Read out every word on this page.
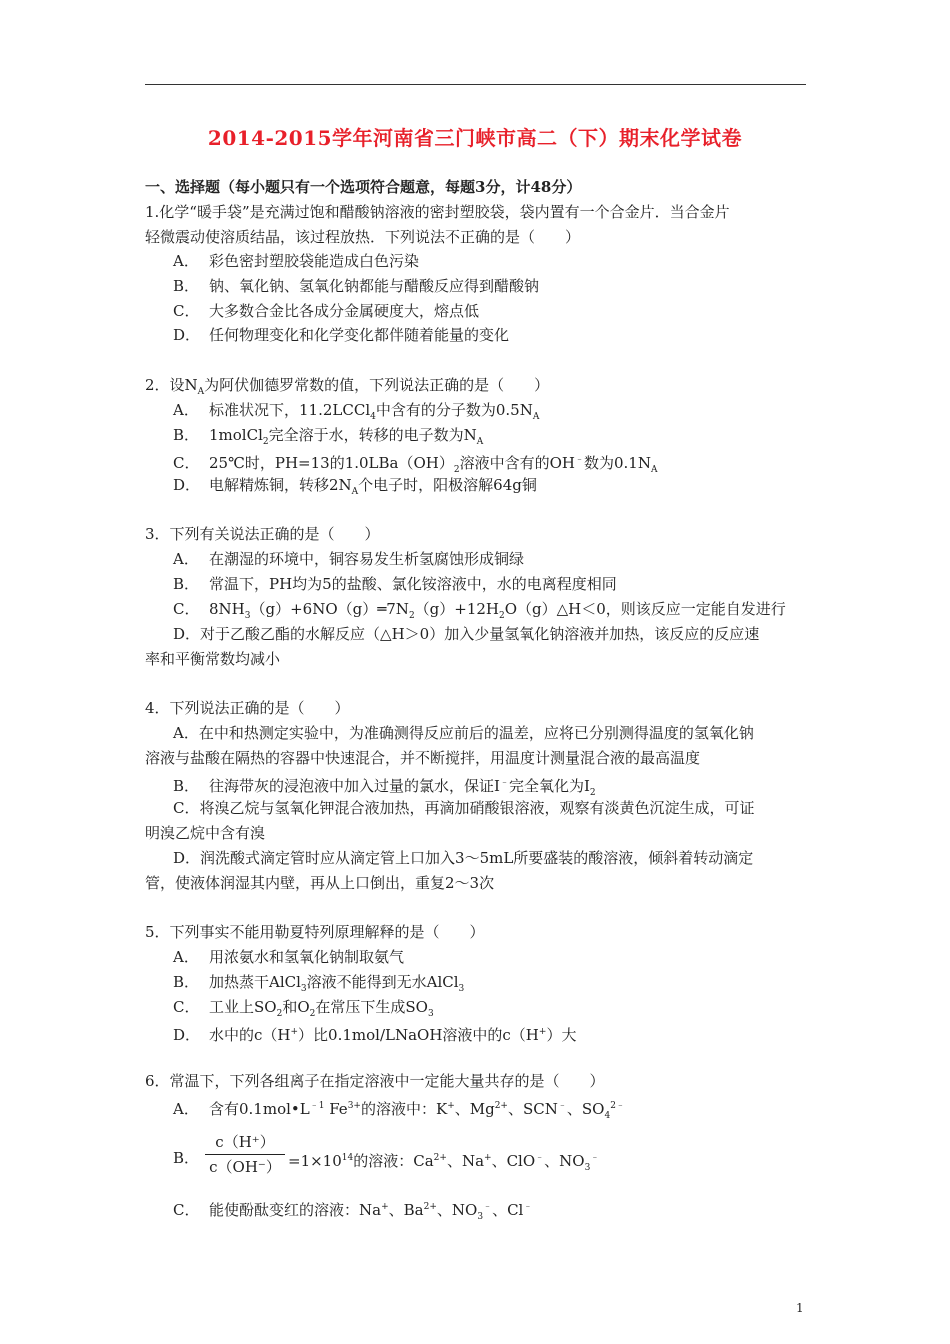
2014-2015学年河南省三门峡市高二（下）期末化学试卷
一、选择题（每小题只有一个选项符合题意，每题3分，计48分）
1.化学“暖手袋”是充满过饱和醋酸钠溶液的密封塑胶袋，袋内置有一个合金片．当合金片
轻微震动使溶质结晶，该过程放热．下列说法不正确的是（　　）
A． 彩色密封塑胶袋能造成白色污染
B． 钠、氧化钠、氢氧化钠都能与醋酸反应得到醋酸钠
C． 大多数合金比各成分金属硬度大，熔点低
D． 任何物理变化和化学变化都伴随着能量的变化
2．设$N_A$为阿伏伽德罗常数的值，下列说法正确的是（　　）
A． 标准状况下，11.2LCCl$_4$中含有的分子数为$0.5N_A$
B． 1molCl$_2$完全溶于水，转移的电子数为$N_A$
C． 25℃时，PH=13的$1.0LBa(OH)_2$溶液中含有的OH﹣数为$0.1N_A$
D． 电解精炼铜，转移$2N_A$个电子时，阳极溶解64g铜
3．下列有关说法正确的是（　　）
A． 在潮湿的环境中，铜容易发生析氢腐蚀形成铜绿
B． 常温下，PH均为5的盐酸、氯化铵溶液中，水的电离程度相同
C． $8NH_3(g)+6NO(g)═7N_2(g)+12H_2O(g)\triangle H<0$，则该反应一定能自发进行
D．对于乙酸乙酯的水解反应（△H＞0）加入少量氢氧化钠溶液并加热，该反应的反应速
率和平衡常数均减小
4．下列说法正确的是（　　）
A．在中和热测定实验中，为准确测得反应前后的温差，应将已分别测得温度的氢氧化钠
溶液与盐酸在隔热的容器中快速混合，并不断搅拌，用温度计测量混合液的最高温度
B． 往海带灰的浸泡液中加入过量的氯水，保证I﹣完全氧化为$I_2$
C．将溴乙烷与氢氧化钾混合液加热，再滴加硝酸银溶液，观察有淡黄色沉淀生成，可证
明溴乙烷中含有溴
D．润洗酸式滴定管时应从滴定管上口加入3～5mL所要盛装的酸溶液，倾斜着转动滴定
管，使液体润湿其内壁，再从上口倒出，重复2～3次
5．下列事实不能用勒夏特列原理解释的是（　　）
A． 用浓氨水和氢氧化钠制取氨气
B． 加热蒸干AlCl$_3$溶液不能得到无水AlCl$_3$
C． 工业上$SO_2$和$O_2$在常压下生成$SO_3$
D． 水中的c（H+）比0.1mol/LNaOH溶液中的c（H+）大
6．常温下，下列各组离子在指定溶液中一定能大量共存的是（　　）
A． 含有$0.1mol•L^{﹣1}$ $Fe^{3+}$的溶液中：K+、$Mg^{2+}$、SCN﹣、$SO_4^{2﹣}$
B．
c（H⁺）
$c(OH^-) =1\times 10^{14}$的溶液：$Ca^{2+}$、Na+、ClO﹣、$NO_3^﹣$
C． 能使酚酞变红的溶液：Na+、$Ba^{2+}$、$NO_3^﹣$、Cl﹣
1
